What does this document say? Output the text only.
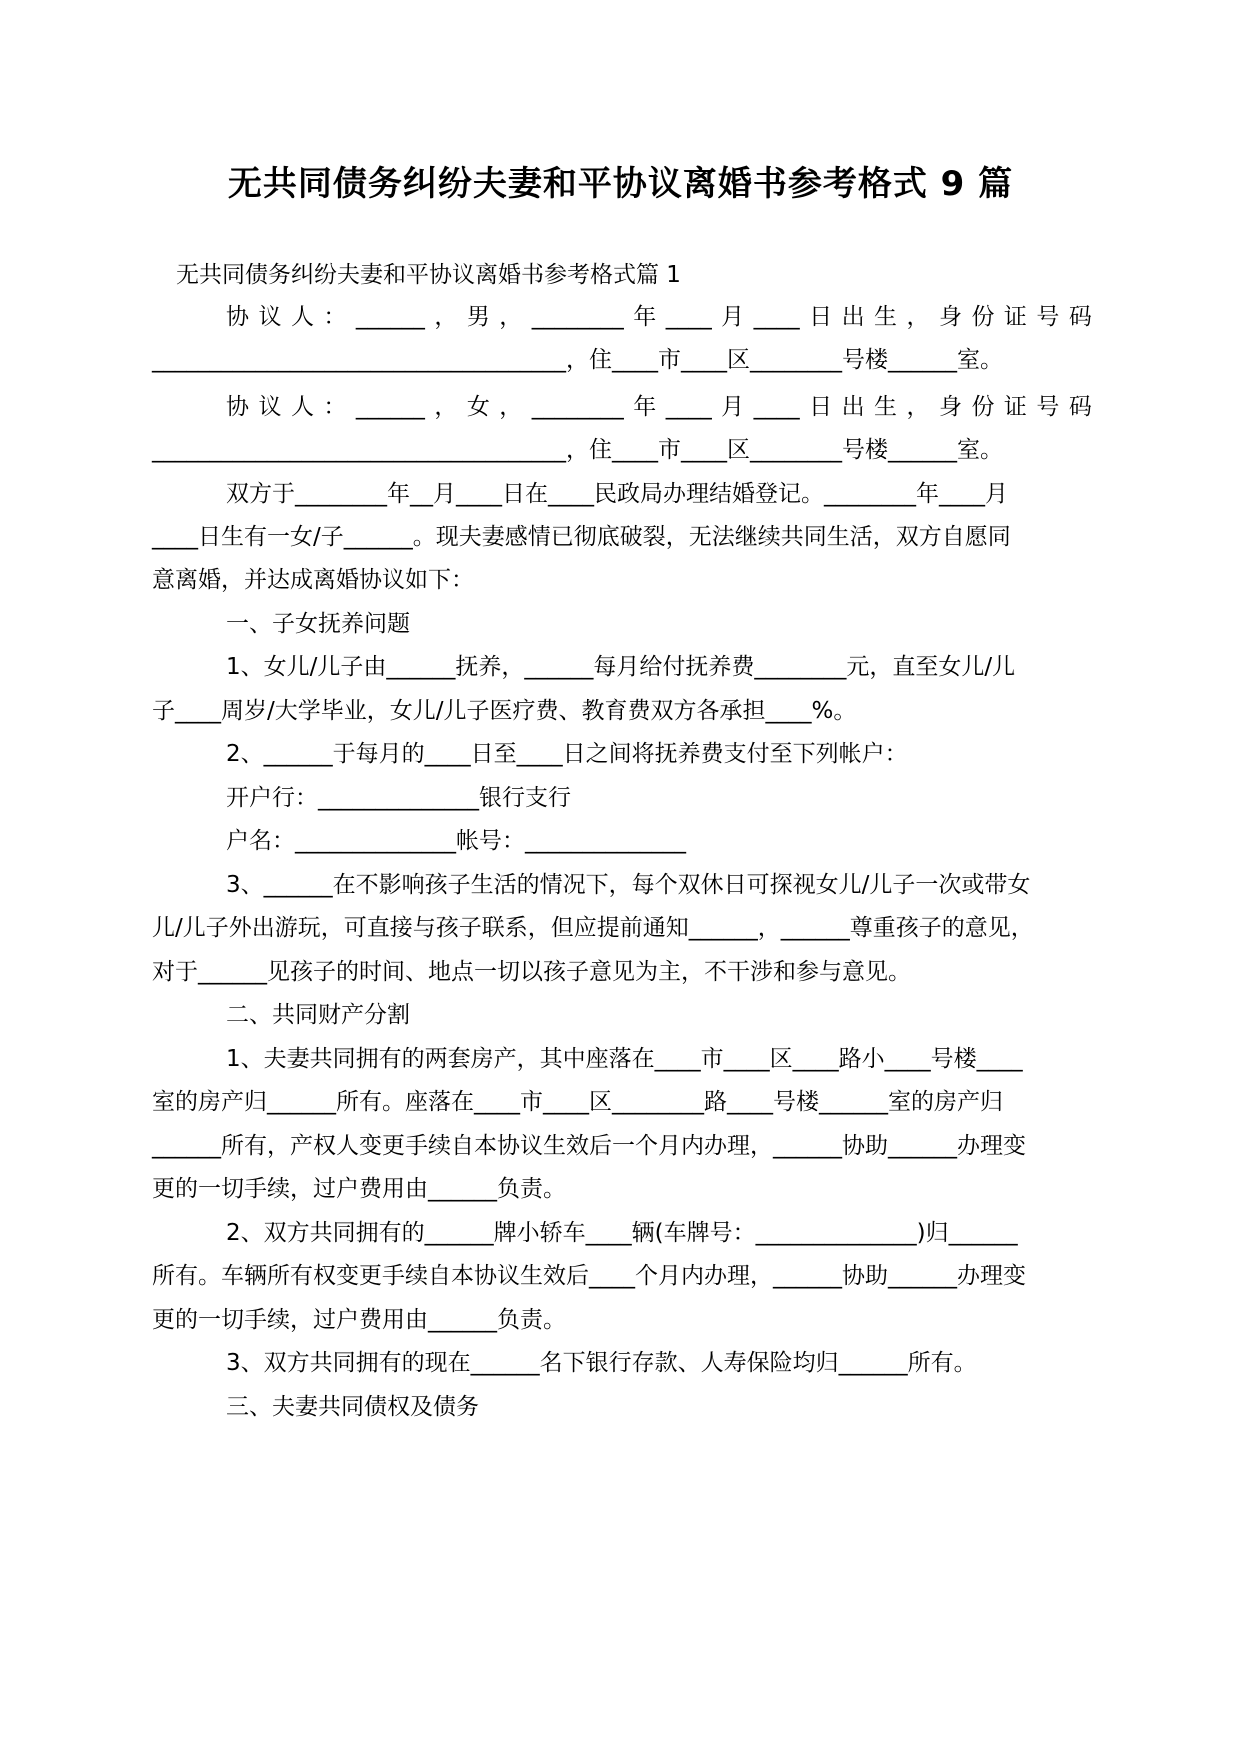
无共同债务纠纷夫妻和平协议离婚书参考格式 9 篇
无共同债务纠纷夫妻和平协议离婚书参考格式篇 1
协 议 人 ： ______ ， 男 ， ________ 年 ____ 月 ____ 日 出 生 ， 身 份 证 号 码
____________________________________，住____市____区________号楼______室。
协 议 人 ： ______ ， 女 ， ________ 年 ____ 月 ____ 日 出 生 ， 身 份 证 号 码
____________________________________，住____市____区________号楼______室。
双方于________年__月____日在____民政局办理结婚登记。________年____月
____日生有一女/子______。现夫妻感情已彻底破裂，无法继续共同生活，双方自愿同
意离婚，并达成离婚协议如下：
一、子女抚养问题
1、女儿/儿子由______抚养，______每月给付抚养费________元，直至女儿/儿
子____周岁/大学毕业，女儿/儿子医疗费、教育费双方各承担____%。
2、______于每月的____日至____日之间将抚养费支付至下列帐户：
开户行：______________银行支行
户名：______________帐号：______________
3、______在不影响孩子生活的情况下，每个双休日可探视女儿/儿子一次或带女
儿/儿子外出游玩，可直接与孩子联系，但应提前通知______，______尊重孩子的意见，
对于______见孩子的时间、地点一切以孩子意见为主，不干涉和参与意见。
二、共同财产分割
1、夫妻共同拥有的两套房产，其中座落在____市____区____路小____号楼____
室的房产归______所有。座落在____市____区________路____号楼______室的房产归
______所有，产权人变更手续自本协议生效后一个月内办理，______协助______办理变
更的一切手续，过户费用由______负责。
2、双方共同拥有的______牌小轿车____辆(车牌号：______________)归______
所有。车辆所有权变更手续自本协议生效后____个月内办理，______协助______办理变
更的一切手续，过户费用由______负责。
3、双方共同拥有的现在______名下银行存款、人寿保险均归______所有。
三、夫妻共同债权及债务
